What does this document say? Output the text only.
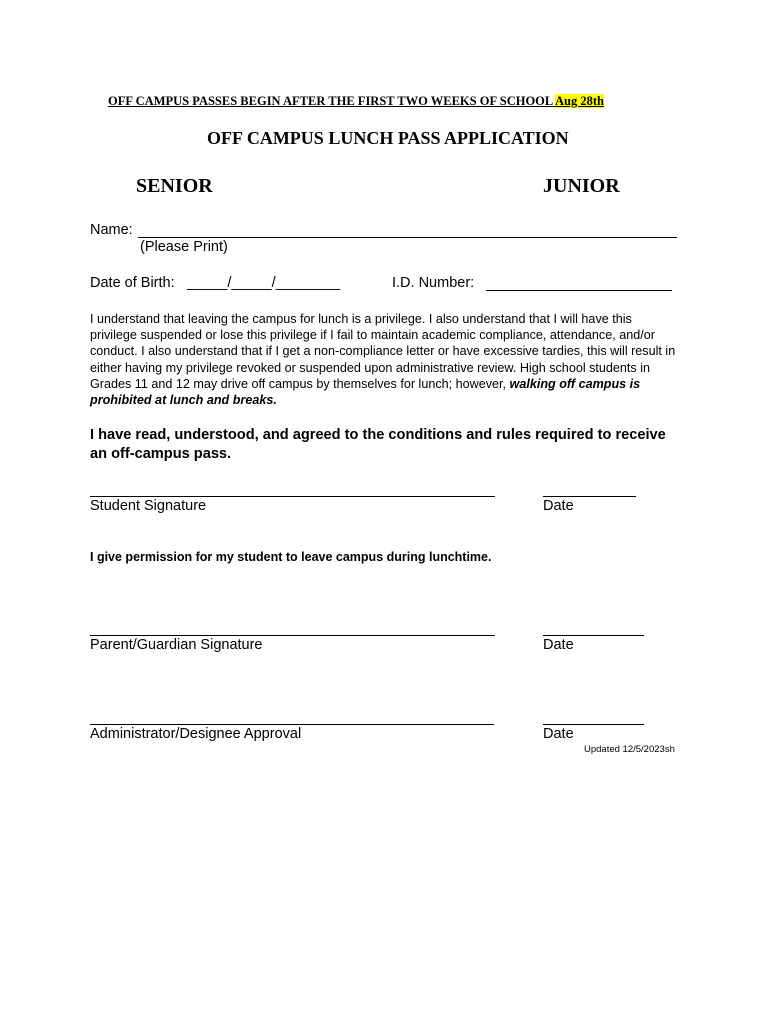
OFF CAMPUS PASSES BEGIN AFTER THE FIRST TWO WEEKS OF SCHOOL Aug 28th
OFF CAMPUS LUNCH PASS APPLICATION
SENIOR	JUNIOR
Name:
(Please Print)
Date of Birth: _____/_____/________	I.D. Number:
I understand that leaving the campus for lunch is a privilege. I also understand that I will have this privilege suspended or lose this privilege if I fail to maintain academic compliance, attendance, and/or conduct. I also understand that if I get a non-compliance letter or have excessive tardies, this will result in either having my privilege revoked or suspended upon administrative review. High school students in Grades 11 and 12 may drive off campus by themselves for lunch; however, walking off campus is prohibited at lunch and breaks.
I have read, understood, and agreed to the conditions and rules required to receive an off-campus pass.
Student Signature	Date
I give permission for my student to leave campus during lunchtime.
Parent/Guardian Signature	Date
Administrator/Designee Approval	Date
Updated 12/5/2023sh
